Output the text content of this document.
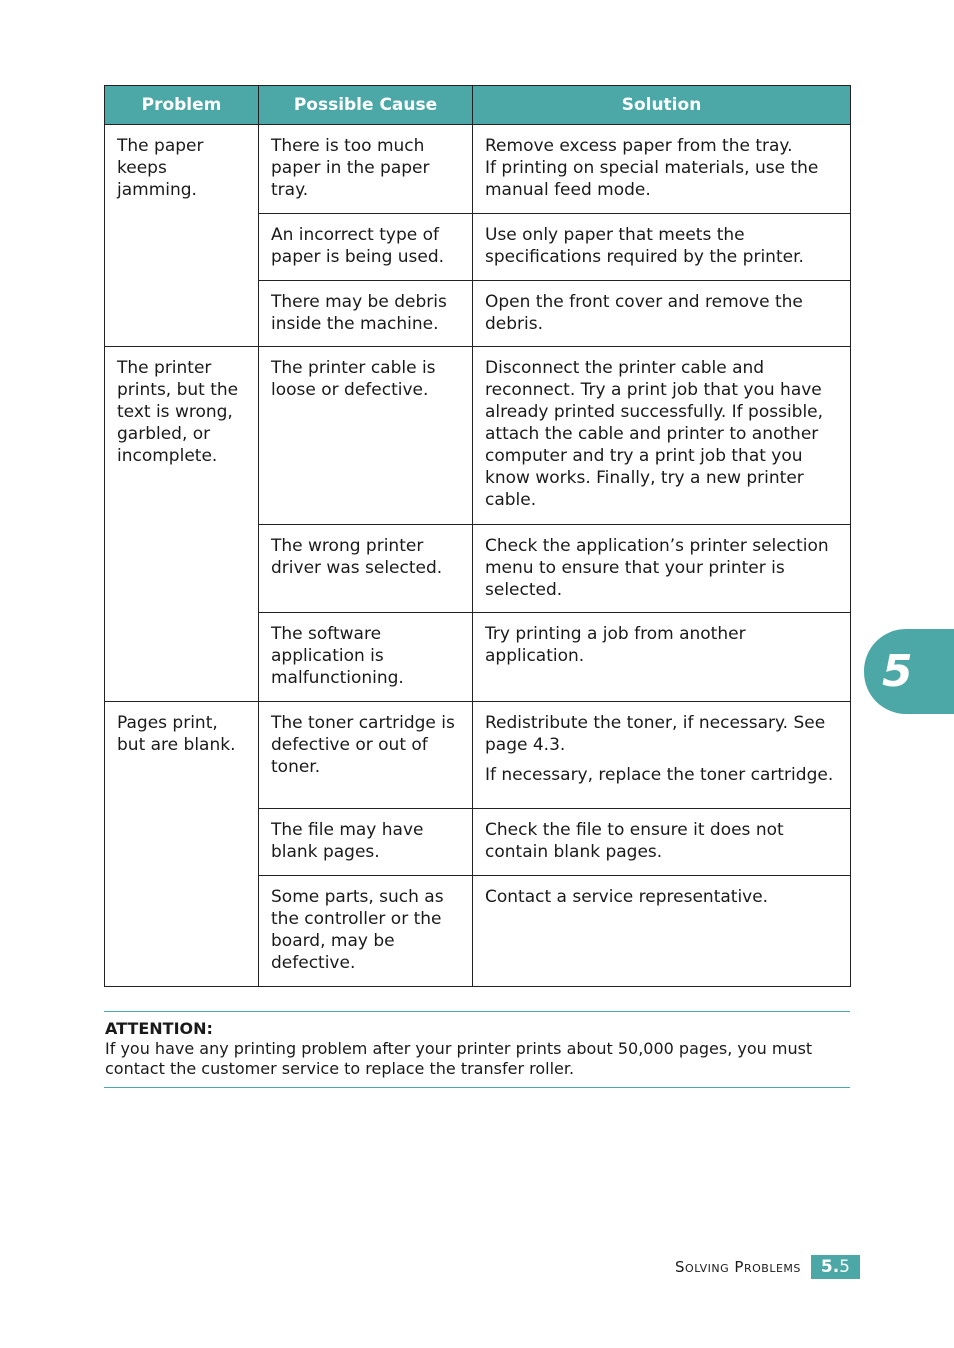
Problem	Possible Cause	Solution
The paper keeps jamming.	There is too much paper in the paper tray.	Remove excess paper from the tray.
If printing on special materials, use the manual feed mode.

	An incorrect type of paper is being used.	Use only paper that meets the specifications required by the printer.
	There may be debris inside the machine.	Open the front cover and remove the debris.
The printer prints, but the text is wrong, garbled, or incomplete.	The printer cable is loose or defective.	Disconnect the printer cable and reconnect. Try a print job that you have already printed successfully. If possible, attach the cable and printer to another computer and try a print job that you know works. Finally, try a new printer cable.
	The wrong printer driver was selected.	Check the application’s printer selection menu to ensure that your printer is selected.
	The software application is malfunctioning.	Try printing a job from another application.
Pages print, but are blank.	The toner cartridge is defective or out of toner.	Redistribute the toner, if necessary. See page 4.3.
If necessary, replace the toner cartridge.

	The file may have blank pages.	Check the file to ensure it does not contain blank pages.
	Some parts, such as the controller or the board, may be defective.	Contact a service representative.
ATTENTION:
If you have any printing problem after your printer prints about 50,000 pages, you must contact the customer service to replace the transfer roller.
5
Solving Problems	5.5
